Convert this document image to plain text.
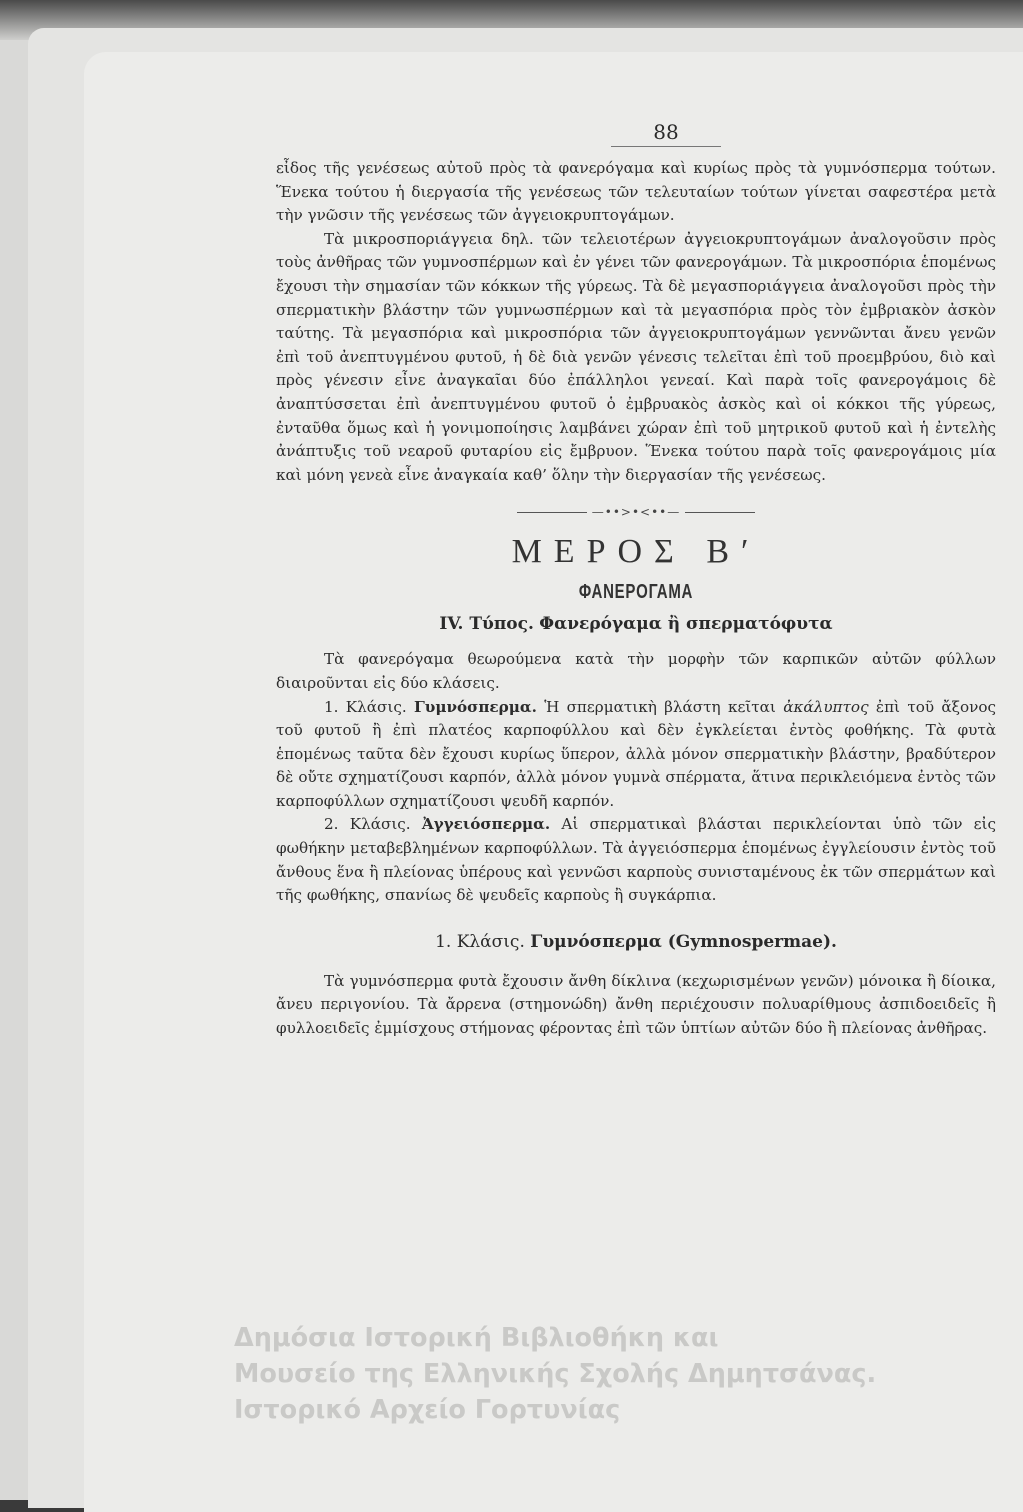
88

εἶδος τῆς γενέσεως αὐτοῦ πρὸς τὰ φανερόγαμα καὶ κυρίως πρὸς τὰ γυμνόσπερμα τούτων. Ἕνεκα τούτου ἡ διεργασία τῆς γενέσεως τῶν τελευταίων τούτων γίνεται σαφεστέρα μετὰ τὴν γνῶσιν τῆς γενέσεως τῶν ἀγγειοκρυπτογάμων.

Τὰ μικροσποριάγγεια δηλ. τῶν τελειοτέρων ἀγγειοκρυπτογάμων ἀναλογοῦσιν πρὸς τοὺς ἀνθῆρας τῶν γυμνοσπέρμων καὶ ἐν γένει τῶν φανερογάμων. Τὰ μικροσπόρια ἑπομένως ἔχουσι τὴν σημασίαν τῶν κόκκων τῆς γύρεως. Τὰ δὲ μεγασποριάγγεια ἀναλογοῦσι πρὸς τὴν σπερματικὴν βλάστην τῶν γυμνωσπέρμων καὶ τὰ μεγασπόρια πρὸς τὸν ἐμβριακὸν ἀσκὸν ταύτης. Τὰ μεγασπόρια καὶ μικροσπόρια τῶν ἀγγειοκρυπτογάμων γεννῶνται ἄνευ γενῶν ἐπὶ τοῦ ἀνεπτυγμένου φυτοῦ, ἡ δὲ διὰ γενῶν γένεσις τελεῖται ἐπὶ τοῦ προεμβρύου, διὸ καὶ πρὸς γένεσιν εἶνε ἀναγκαῖαι δύο ἐπάλληλοι γενεαί. Καὶ παρὰ τοῖς φανερογάμοις δὲ ἀναπτύσσεται ἐπὶ ἀνεπτυγμένου φυτοῦ ὁ ἐμβρυακὸς ἀσκὸς καὶ οἱ κόκκοι τῆς γύρεως, ἐνταῦθα ὅμως καὶ ἡ γονιμοποίησις λαμβάνει χώραν ἐπὶ τοῦ μητρικοῦ φυτοῦ καὶ ἡ ἐντελὴς ἀνάπτυξις τοῦ νεαροῦ φυταρίου εἰς ἔμβρυον. Ἕνεκα τούτου παρὰ τοῖς φανερογάμοις μία καὶ μόνη γενεὰ εἶνε ἀναγκαία καθ’ ὅλην τὴν διεργασίαν τῆς γενέσεως.

—••>•<••—
ΜΕΡΟΣ Β′
ΦΑΝΕΡΟΓΑΜΑ
IV. Τύπος. Φανερόγαμα ἢ σπερματόφυτα

Τὰ φανερόγαμα θεωρούμενα κατὰ τὴν μορφὴν τῶν καρπικῶν αὐτῶν φύλλων διαιροῦνται εἰς δύο κλάσεις.

1. Κλάσις. Γυμνόσπερμα. Ἡ σπερματικὴ βλάστη κεῖται ἀκάλυπτος ἐπὶ τοῦ ἄξονος τοῦ φυτοῦ ἢ ἐπὶ πλατέος καρποφύλλου καὶ δὲν ἐγκλείεται ἐντὸς φοθήκης. Τὰ φυτὰ ἑπομένως ταῦτα δὲν ἔχουσι κυρίως ὕπερον, ἀλλὰ μόνον σπερματικὴν βλάστην, βραδύτερον δὲ οὔτε σχηματίζουσι καρπόν, ἀλλὰ μόνον γυμνὰ σπέρματα, ἅτινα περικλειόμενα ἐντὸς τῶν καρποφύλλων σχηματίζουσι ψευδῆ καρπόν.

2. Κλάσις. Ἀγγειόσπερμα. Αἱ σπερματικαὶ βλάσται περικλείονται ὑπὸ τῶν εἰς φωθήκην μεταβεβλημένων καρποφύλλων. Τὰ ἀγγειόσπερμα ἑπομένως ἐγγλείουσιν ἐντὸς τοῦ ἄνθους ἕνα ἢ πλείονας ὑπέρους καὶ γεννῶσι καρποὺς συνισταμένους ἐκ τῶν σπερμάτων καὶ τῆς φωθήκης, σπανίως δὲ ψευδεῖς καρποὺς ἢ συγκάρπια.

1. Κλάσις. Γυμνόσπερμα (Gymnospermae).

Τὰ γυμνόσπερμα φυτὰ ἔχουσιν ἄνθη δίκλινα (κεχωρισμένων γενῶν) μόνοικα ἢ δίοικα, ἄνευ περιγονίου. Τὰ ἄρρενα (στημονώδη) ἄνθη περιέχουσιν πολυαρίθμους ἀσπιδοειδεῖς ἢ φυλλοειδεῖς ἐμμίσχους στήμονας φέροντας ἐπὶ τῶν ὑπτίων αὐτῶν δύο ἢ πλείονας ἀνθῆρας.

Δημόσια Ιστορική Βιβλιοθήκη και
Μουσείο της Ελληνικής Σχολής Δημητσάνας.
Ιστορικό Αρχείο Γορτυνίας
